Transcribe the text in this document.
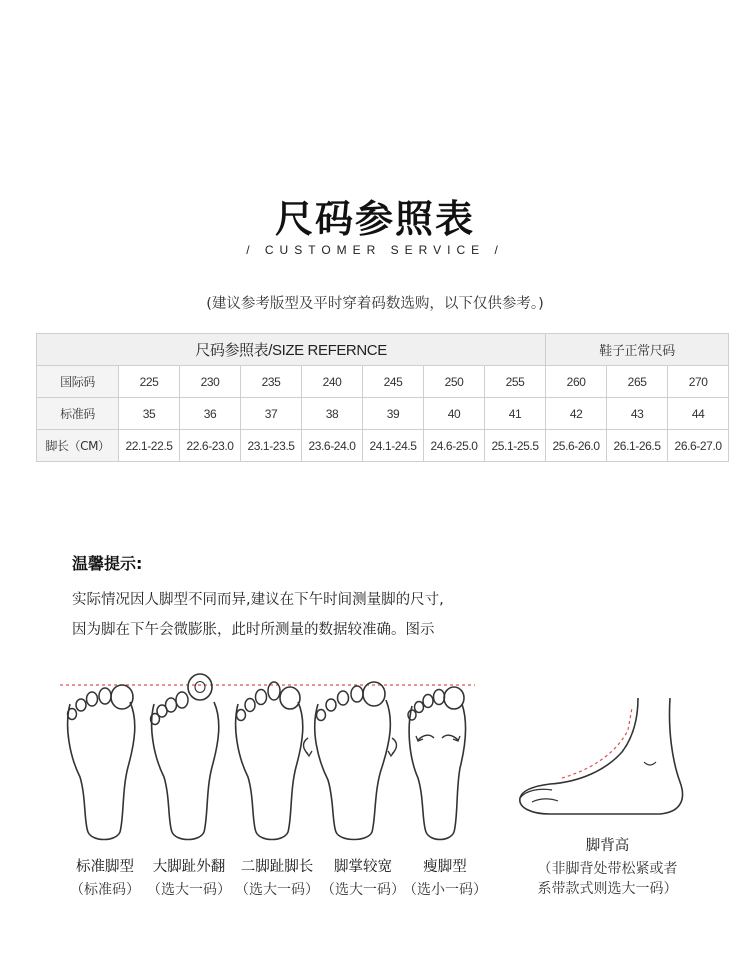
尺码参照表
/ CUSTOMER SERVICE /
(建议参考版型及平时穿着码数选购，以下仅供参考。)
尺码参照表/SIZE REFERNCE								鞋子正常尺码		
国际码	225	230	235	240	245	250	255	260	265	270
标准码	35	36	37	38	39	40	41	42	43	44
脚长（CM）	22.1-22.5	22.6-23.0	23.1-23.5	23.6-24.0	24.1-24.5	24.6-25.0	25.1-25.5	25.6-26.0	26.1-26.5	26.6-27.0
温馨提示:
实际情况因人脚型不同而异,建议在下午时间测量脚的尺寸,
因为脚在下午会微膨胀，此时所测量的数据较准确。图示
标准脚型
（标准码）
大脚趾外翻
（选大一码）
二脚趾脚长
（选大一码）
脚掌较宽
（选大一码）
瘦脚型
（选小一码）
脚背高
（非脚背处带松紧或者
系带款式则选大一码）
